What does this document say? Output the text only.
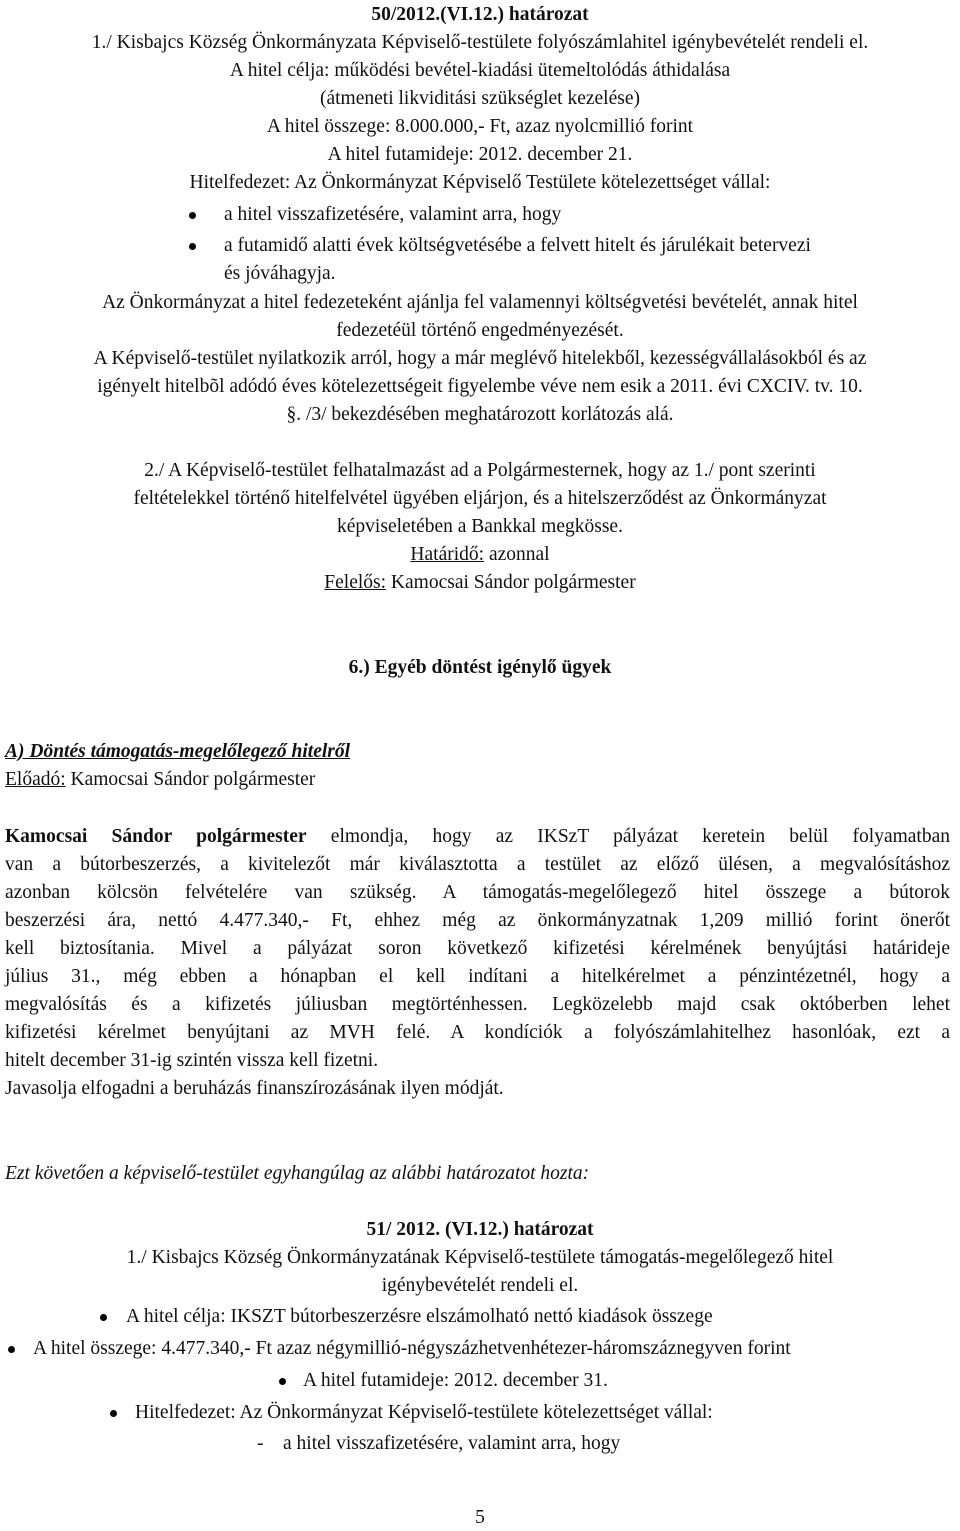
50/2012.(VI.12.) határozat
1./ Kisbajcs Község Önkormányzata Képviselő-testülete folyószámlahitel igénybevételét rendeli el.
A hitel célja: működési bevétel-kiadási ütemeltolódás áthidalása
(átmeneti likviditási szükséglet kezelése)
A hitel összege: 8.000.000,- Ft, azaz nyolcmillió forint
A hitel futamideje: 2012. december 21.
Hitelfedezet: Az Önkormányzat Képviselő Testülete kötelezettséget vállal:
a hitel visszafizetésére, valamint arra, hogy
a futamidő alatti évek költségvetésébe a felvett hitelt és járulékait betervezi
és jóváhagyja.
Az Önkormányzat a hitel fedezeteként ajánlja fel valamennyi költségvetési bevételét, annak hitel
fedezetéül történő engedményezését.
A Képviselő-testület nyilatkozik arról, hogy a már meglévő hitelekből, kezességvállalásokból és az
igényelt hitelbõl adódó éves kötelezettségeit figyelembe véve nem esik a 2011. évi CXCIV. tv. 10.
§. /3/ bekezdésében meghatározott korlátozás alá.
2./ A Képviselő-testület felhatalmazást ad a Polgármesternek, hogy az 1./ pont szerinti
feltételekkel történő hitelfelvétel ügyében eljárjon, és a hitelszerződést az Önkormányzat
képviseletében a Bankkal megkösse.
Határidő: azonnal
Felelős: Kamocsai Sándor polgármester
6.) Egyéb döntést igénylő ügyek
A) Döntés támogatás-megelőlegező hitelről
Előadó: Kamocsai Sándor polgármester
Kamocsai Sándor polgármester elmondja, hogy az IKSzT pályázat keretein belül folyamatban
van a bútorbeszerzés, a kivitelezőt már kiválasztotta a testület az előző ülésen, a megvalósításhoz
azonban kölcsön felvételére van szükség. A támogatás-megelőlegező hitel összege a bútorok
beszerzési ára, nettó 4.477.340,- Ft, ehhez még az önkormányzatnak 1,209 millió forint önerőt
kell biztosítania. Mivel a pályázat soron következő kifizetési kérelmének benyújtási határideje
július 31., még ebben a hónapban el kell indítani a hitelkérelmet a pénzintézetnél, hogy a
megvalósítás és a kifizetés júliusban megtörténhessen. Legközelebb majd csak októberben lehet
kifizetési kérelmet benyújtani az MVH felé. A kondíciók a folyószámlahitelhez hasonlóak, ezt a
hitelt december 31-ig szintén vissza kell fizetni.
Javasolja elfogadni a beruházás finanszírozásának ilyen módját.
Ezt követően a képviselő-testület egyhangúlag az alábbi határozatot hozta:
51/ 2012. (VI.12.) határozat
1./ Kisbajcs Község Önkormányzatának Képviselő-testülete támogatás-megelőlegező hitel
igénybevételét rendeli el.
A hitel célja: IKSZT bútorbeszerzésre elszámolható nettó kiadások összege
A hitel összege: 4.477.340,- Ft azaz négymillió-négyszázhetvenhétezer-háromszáznegyven forint
A hitel futamideje: 2012. december 31.
Hitelfedezet: Az Önkormányzat Képviselő-testülete kötelezettséget vállal:
- a hitel visszafizetésére, valamint arra, hogy
5
